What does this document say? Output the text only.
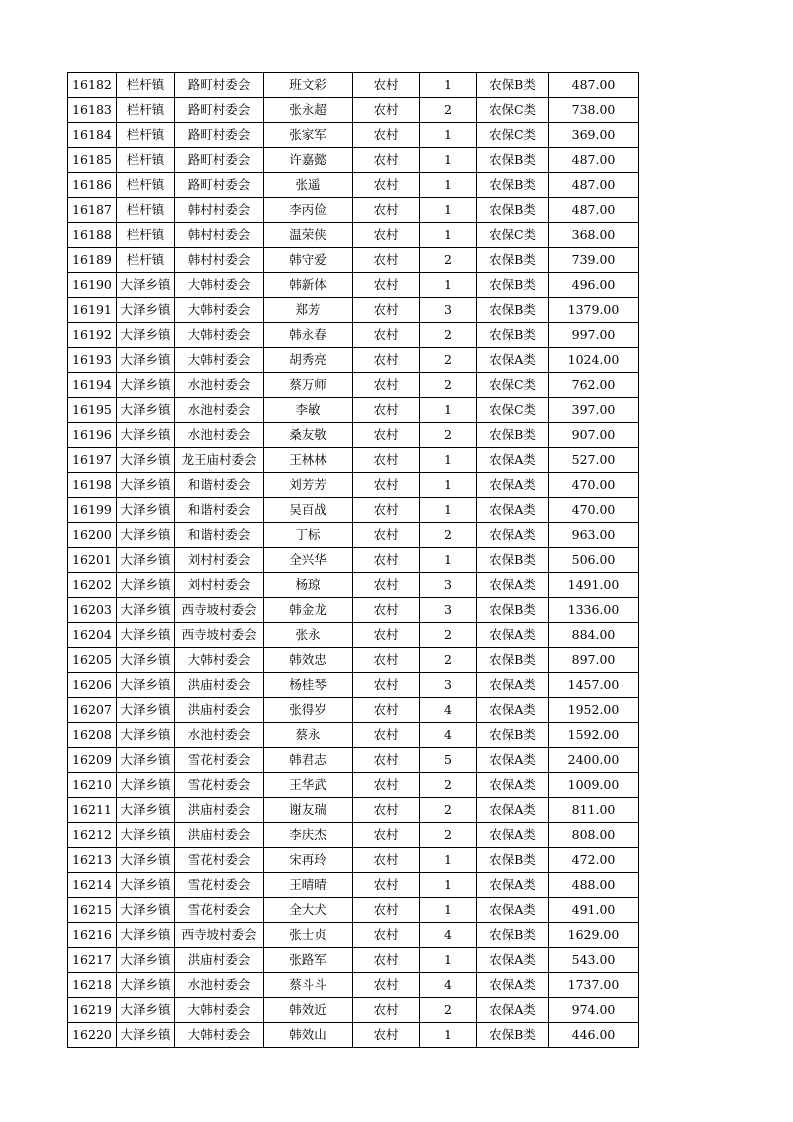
16182	栏杆镇	路町村委会	班文彩	农村	1	农保B类	487.00
16183	栏杆镇	路町村委会	张永超	农村	2	农保C类	738.00
16184	栏杆镇	路町村委会	张家军	农村	1	农保C类	369.00
16185	栏杆镇	路町村委会	许嘉懿	农村	1	农保B类	487.00
16186	栏杆镇	路町村委会	张遥	农村	1	农保B类	487.00
16187	栏杆镇	韩村村委会	李丙俭	农村	1	农保B类	487.00
16188	栏杆镇	韩村村委会	温荣侠	农村	1	农保C类	368.00
16189	栏杆镇	韩村村委会	韩守爱	农村	2	农保B类	739.00
16190	大泽乡镇	大韩村委会	韩新体	农村	1	农保B类	496.00
16191	大泽乡镇	大韩村委会	郑芳	农村	3	农保B类	1379.00
16192	大泽乡镇	大韩村委会	韩永春	农村	2	农保B类	997.00
16193	大泽乡镇	大韩村委会	胡秀亮	农村	2	农保A类	1024.00
16194	大泽乡镇	水池村委会	蔡万师	农村	2	农保C类	762.00
16195	大泽乡镇	水池村委会	李敏	农村	1	农保C类	397.00
16196	大泽乡镇	水池村委会	桑友敬	农村	2	农保B类	907.00
16197	大泽乡镇	龙王庙村委会	王林林	农村	1	农保A类	527.00
16198	大泽乡镇	和谐村委会	刘芳芳	农村	1	农保A类	470.00
16199	大泽乡镇	和谐村委会	吴百战	农村	1	农保A类	470.00
16200	大泽乡镇	和谐村委会	丁标	农村	2	农保A类	963.00
16201	大泽乡镇	刘村村委会	全兴华	农村	1	农保B类	506.00
16202	大泽乡镇	刘村村委会	杨琼	农村	3	农保A类	1491.00
16203	大泽乡镇	西寺坡村委会	韩金龙	农村	3	农保B类	1336.00
16204	大泽乡镇	西寺坡村委会	张永	农村	2	农保A类	884.00
16205	大泽乡镇	大韩村委会	韩效忠	农村	2	农保B类	897.00
16206	大泽乡镇	洪庙村委会	杨桂琴	农村	3	农保A类	1457.00
16207	大泽乡镇	洪庙村委会	张得岁	农村	4	农保A类	1952.00
16208	大泽乡镇	水池村委会	蔡永	农村	4	农保B类	1592.00
16209	大泽乡镇	雪花村委会	韩君志	农村	5	农保A类	2400.00
16210	大泽乡镇	雪花村委会	王华武	农村	2	农保A类	1009.00
16211	大泽乡镇	洪庙村委会	谢友瑞	农村	2	农保A类	811.00
16212	大泽乡镇	洪庙村委会	李庆杰	农村	2	农保A类	808.00
16213	大泽乡镇	雪花村委会	宋再玲	农村	1	农保B类	472.00
16214	大泽乡镇	雪花村委会	王晴晴	农村	1	农保A类	488.00
16215	大泽乡镇	雪花村委会	全大犬	农村	1	农保A类	491.00
16216	大泽乡镇	西寺坡村委会	张士贞	农村	4	农保B类	1629.00
16217	大泽乡镇	洪庙村委会	张路军	农村	1	农保A类	543.00
16218	大泽乡镇	水池村委会	蔡斗斗	农村	4	农保A类	1737.00
16219	大泽乡镇	大韩村委会	韩效近	农村	2	农保A类	974.00
16220	大泽乡镇	大韩村委会	韩效山	农村	1	农保B类	446.00
